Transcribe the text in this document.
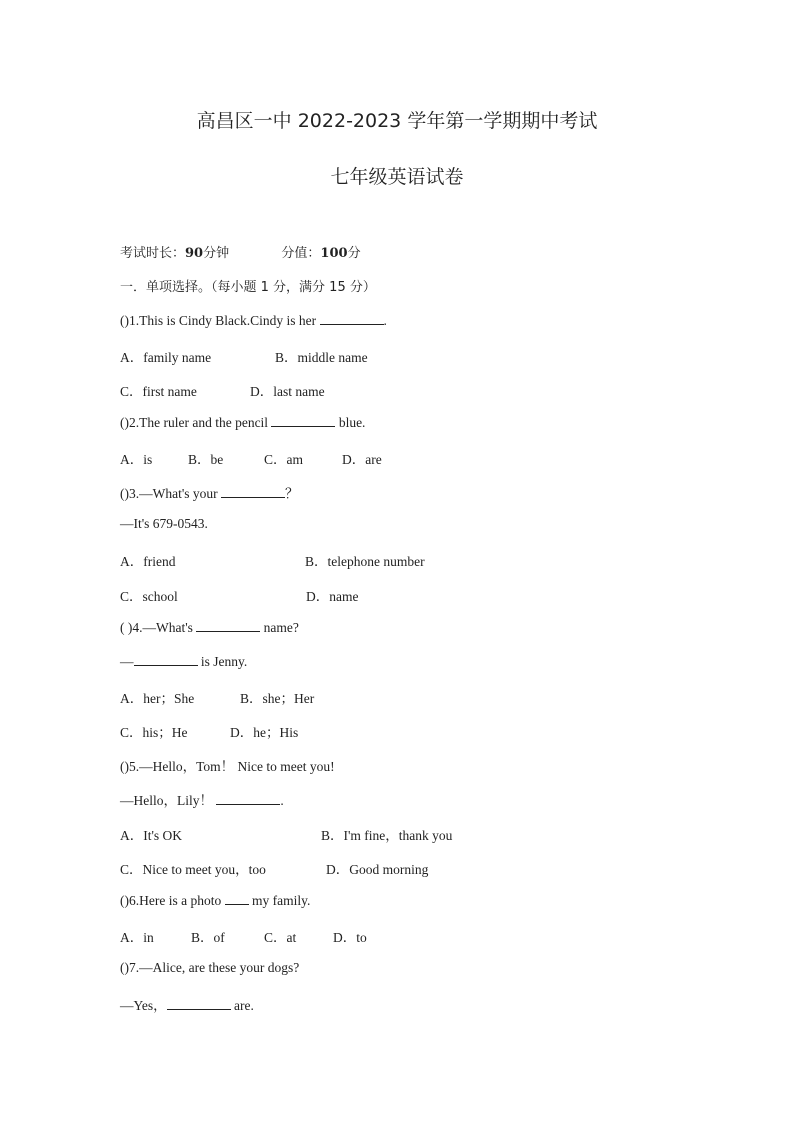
高昌区一中 2022-2023 学年第一学期期中考试
七年级英语试卷
考试时长：90分钟	分值：100分
一．单项选择。（每小题 1 分，满分 15 分）
()1.This is Cindy Black.Cindy is her	.
A．family name	B．middle name
C．first name	D．last name
()2.The ruler and the pencil	blue.
A．is	B．be	C．am	D．are
()3.—What's your	？
—It's 679-0543.
A．friend	B．telephone number
C．school	D．name
( )4.—What's	name?
—	is Jenny.
A．her；She	B．she；Her
C．his；He	D．he；His
()5.—Hello，Tom！ Nice to meet you!
—Hello，Lily！	.
A．It's OK	B．I'm fine，thank you
C．Nice to meet you，too	D．Good morning
()6.Here is a photo  my family.
A．in	B．of	C．at	D．to
()7.—Alice, are these your dogs?
—Yes，	are.
